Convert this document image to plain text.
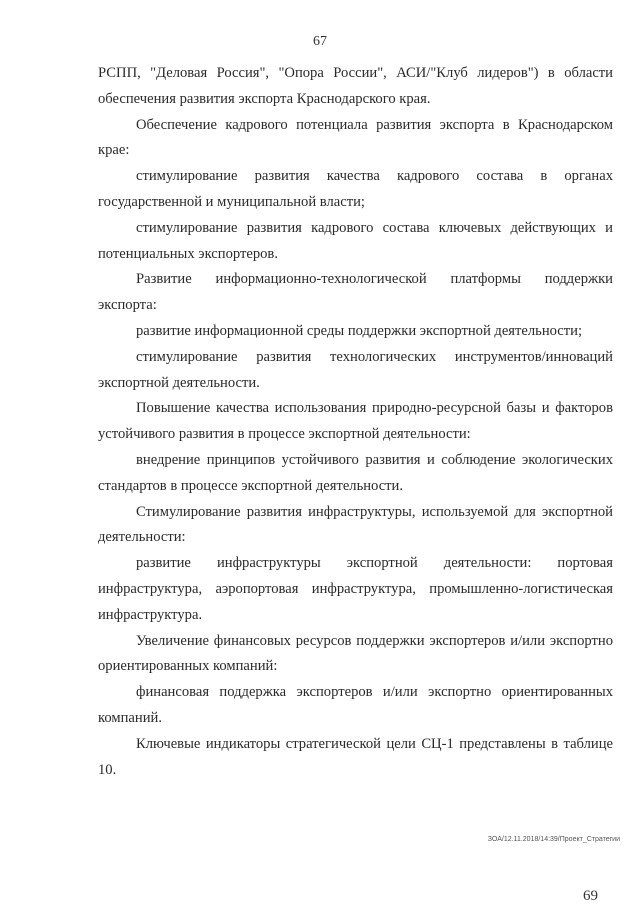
67

РСПП, "Деловая Россия", "Опора России", АСИ/"Клуб лидеров") в области обеспечения развития экспорта Краснодарского края.

Обеспечение кадрового потенциала развития экспорта в Краснодарском крае:

стимулирование развития качества кадрового состава в органах государственной и муниципальной власти;

стимулирование развития кадрового состава ключевых действующих и потенциальных экспортеров.

Развитие информационно-технологической платформы поддержки экспорта:

развитие информационной среды поддержки экспортной деятельности;

стимулирование развития технологических инструментов/инноваций экспортной деятельности.

Повышение качества использования природно-ресурсной базы и факторов устойчивого развития в процессе экспортной деятельности:

внедрение принципов устойчивого развития и соблюдение экологических стандартов в процессе экспортной деятельности.

Стимулирование развития инфраструктуры, используемой для экспортной деятельности:

развитие инфраструктуры экспортной деятельности: портовая инфраструктура, аэропортовая инфраструктура, промышленно-логистическая инфраструктура.

Увеличение финансовых ресурсов поддержки экспортеров и/или экспортно ориентированных компаний:

финансовая поддержка экспортеров и/или экспортно ориентированных компаний.

Ключевые индикаторы стратегической цели СЦ-1 представлены в таблице 10.

ЗОА/12.11.2018/14:39/Проект_Стратегии
69
